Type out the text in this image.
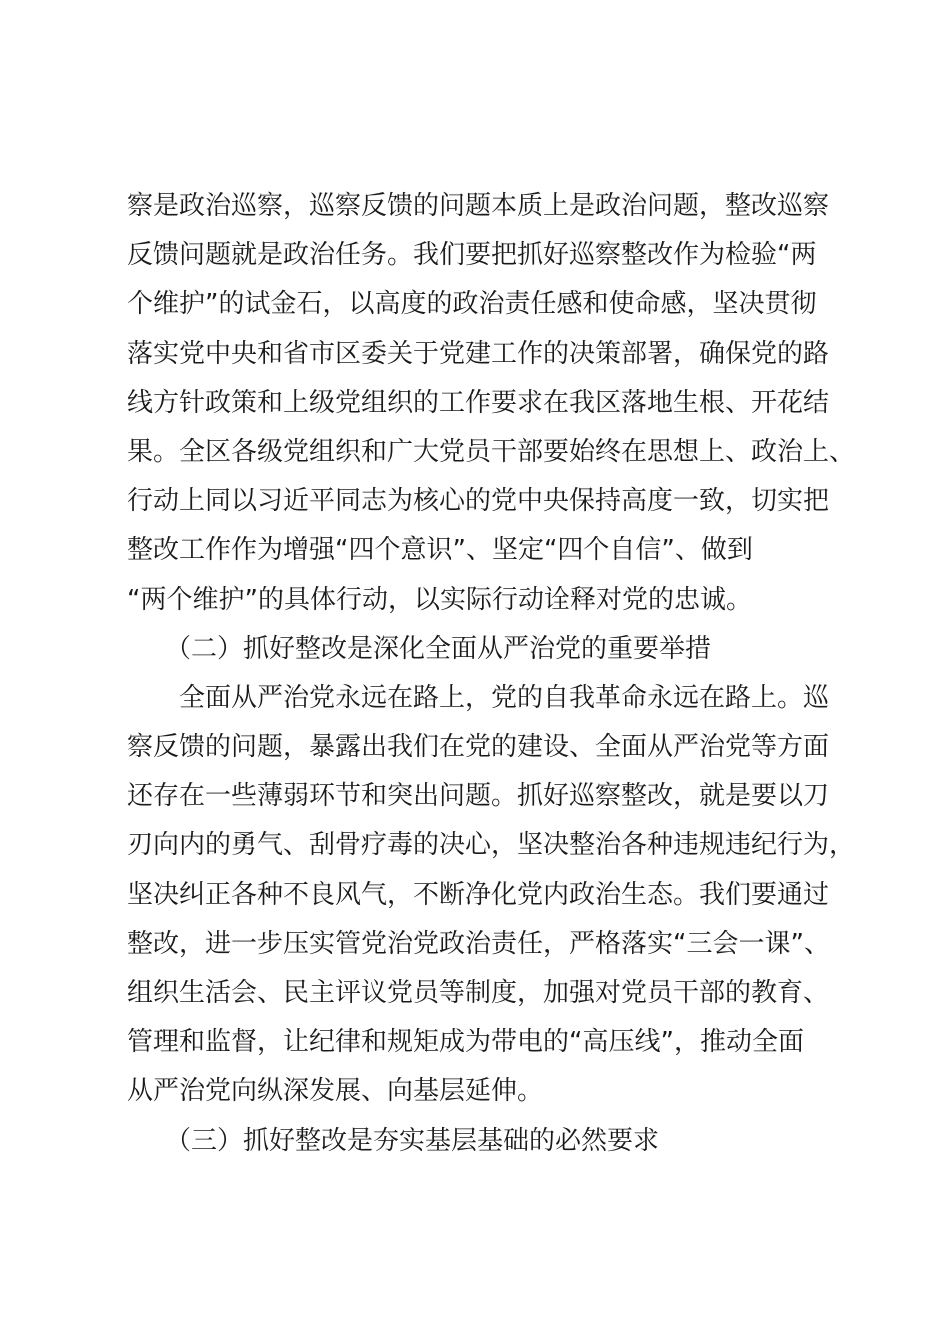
察是政治巡察，巡察反馈的问题本质上是政治问题，整改巡察
反馈问题就是政治任务。我们要把抓好巡察整改作为检验“两
个维护”的试金石，以高度的政治责任感和使命感，坚决贯彻
落实党中央和省市区委关于党建工作的决策部署，确保党的路
线方针政策和上级党组织的工作要求在我区落地生根、开花结
果。全区各级党组织和广大党员干部要始终在思想上、政治上、
行动上同以习近平同志为核心的党中央保持高度一致，切实把
整改工作作为增强“四个意识”、坚定“四个自信”、做到
“两个维护”的具体行动，以实际行动诠释对党的忠诚。
（二）抓好整改是深化全面从严治党的重要举措
全面从严治党永远在路上，党的自我革命永远在路上。巡
察反馈的问题，暴露出我们在党的建设、全面从严治党等方面
还存在一些薄弱环节和突出问题。抓好巡察整改，就是要以刀
刃向内的勇气、刮骨疗毒的决心，坚决整治各种违规违纪行为，
坚决纠正各种不良风气，不断净化党内政治生态。我们要通过
整改，进一步压实管党治党政治责任，严格落实“三会一课”、
组织生活会、民主评议党员等制度，加强对党员干部的教育、
管理和监督，让纪律和规矩成为带电的“高压线”，推动全面
从严治党向纵深发展、向基层延伸。
（三）抓好整改是夯实基层基础的必然要求
